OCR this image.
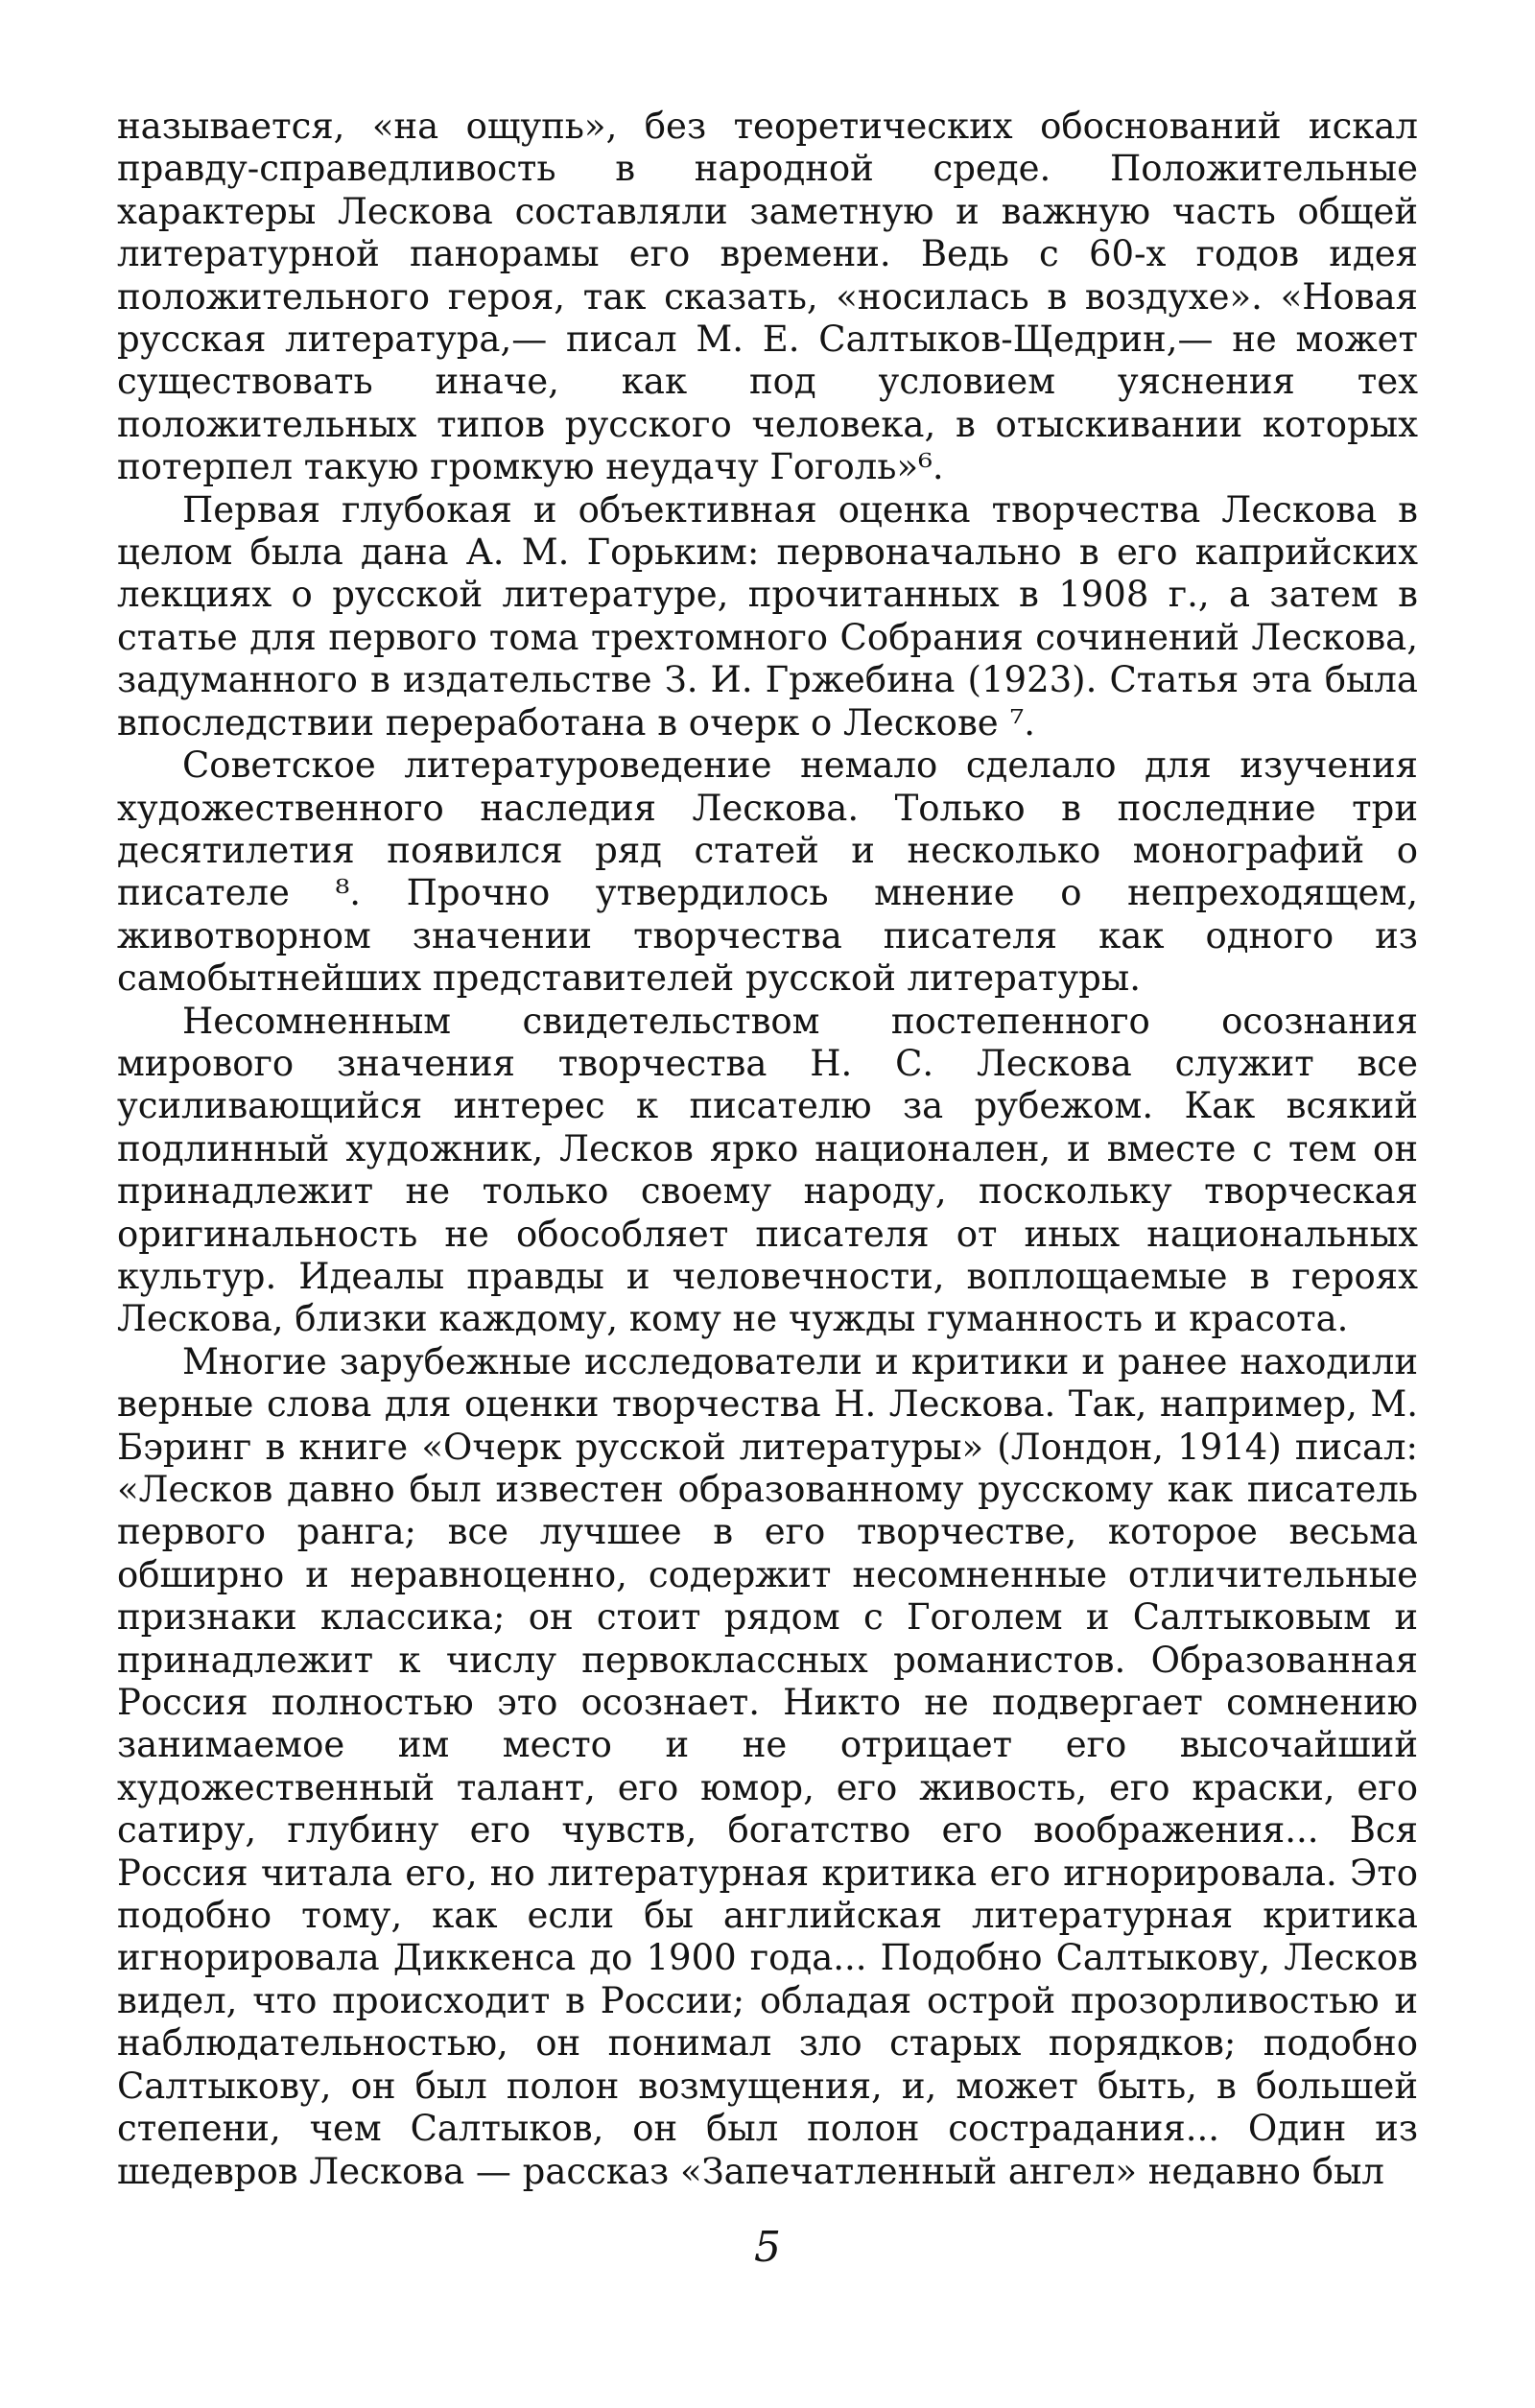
называется, «на ощупь», без теоретических обоснований искал правду-справедливость в народной среде. Положительные характеры Лескова составляли заметную и важную часть общей литературной панорамы его времени. Ведь с 60-х годов идея положительного героя, так сказать, «носилась в воздухе». «Новая русская литература,— писал М. Е. Салтыков-Щедрин,— не может существовать иначе, как под условием уяснения тех положительных типов русского человека, в отыскивании которых потерпел такую громкую неудачу Гоголь»⁶.

Первая глубокая и объективная оценка творчества Лескова в целом была дана А. М. Горьким: первоначально в его каприйских лекциях о русской литературе, прочитанных в 1908 г., а затем в статье для первого тома трехтомного Собрания сочинений Лескова, задуманного в издательстве З. И. Гржебина (1923). Статья эта была впоследствии переработана в очерк о Лескове ⁷.

Советское литературоведение немало сделало для изучения художественного наследия Лескова. Только в последние три десятилетия появился ряд статей и несколько монографий о писателе ⁸. Прочно утвердилось мнение о непреходящем, животворном значении творчества писателя как одного из самобытнейших представителей русской литературы.

Несомненным свидетельством постепенного осознания мирового значения творчества Н. С. Лескова служит все усиливающийся интерес к писателю за рубежом. Как всякий подлинный художник, Лесков ярко национален, и вместе с тем он принадлежит не только своему народу, поскольку творческая оригинальность не обособляет писателя от иных национальных культур. Идеалы правды и человечности, воплощаемые в героях Лескова, близки каждому, кому не чужды гуманность и красота.

Многие зарубежные исследователи и критики и ранее находили верные слова для оценки творчества Н. Лескова. Так, например, М. Бэринг в книге «Очерк русской литературы» (Лондон, 1914) писал: «Лесков давно был известен образованному русскому как писатель первого ранга; все лучшее в его творчестве, которое весьма обширно и неравноценно, содержит несомненные отличительные признаки классика; он стоит рядом с Гоголем и Салтыковым и принадлежит к числу первоклассных романистов. Образованная Россия полностью это осознает. Никто не подвергает сомнению занимаемое им место и не отрицает его высочайший художественный талант, его юмор, его живость, его краски, его сатиру, глубину его чувств, богатство его воображения... Вся Россия читала его, но литературная критика его игнорировала. Это подобно тому, как если бы английская литературная критика игнорировала Диккенса до 1900 года... Подобно Салтыкову, Лесков видел, что происходит в России; обладая острой прозорливостью и наблюдательностью, он понимал зло старых порядков; подобно Салтыкову, он был полон возмущения, и, может быть, в большей степени, чем Салтыков, он был полон сострадания... Один из шедевров Лескова — рассказ «Запечатленный ангел» недавно был

5
